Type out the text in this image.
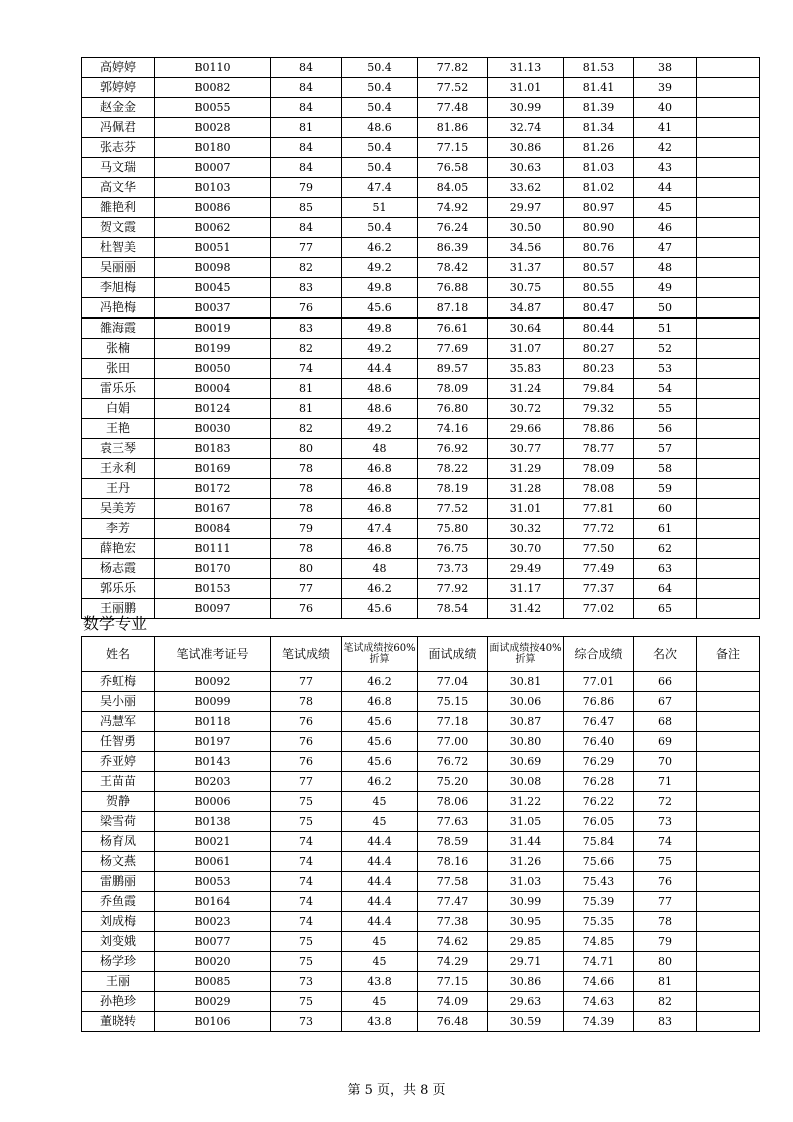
高婷婷	B0110	84	50.4	77.82	31.13	81.53	38	
郭婷婷	B0082	84	50.4	77.52	31.01	81.41	39	
赵金金	B0055	84	50.4	77.48	30.99	81.39	40	
冯佩君	B0028	81	48.6	81.86	32.74	81.34	41	
张志芬	B0180	84	50.4	77.15	30.86	81.26	42	
马文瑞	B0007	84	50.4	76.58	30.63	81.03	43	
高文华	B0103	79	47.4	84.05	33.62	81.02	44	
雒艳利	B0086	85	51	74.92	29.97	80.97	45	
贺文霞	B0062	84	50.4	76.24	30.50	80.90	46	
杜智美	B0051	77	46.2	86.39	34.56	80.76	47	
吴丽丽	B0098	82	49.2	78.42	31.37	80.57	48	
李旭梅	B0045	83	49.8	76.88	30.75	80.55	49	
冯艳梅	B0037	76	45.6	87.18	34.87	80.47	50	
雒海霞	B0019	83	49.8	76.61	30.64	80.44	51	
张楠	B0199	82	49.2	77.69	31.07	80.27	52	
张田	B0050	74	44.4	89.57	35.83	80.23	53	
雷乐乐	B0004	81	48.6	78.09	31.24	79.84	54	
白娟	B0124	81	48.6	76.80	30.72	79.32	55	
王艳	B0030	82	49.2	74.16	29.66	78.86	56	
袁三琴	B0183	80	48	76.92	30.77	78.77	57	
王永利	B0169	78	46.8	78.22	31.29	78.09	58	
王丹	B0172	78	46.8	78.19	31.28	78.08	59	
吴美芳	B0167	78	46.8	77.52	31.01	77.81	60	
李芳	B0084	79	47.4	75.80	30.32	77.72	61	
薛艳宏	B0111	78	46.8	76.75	30.70	77.50	62	
杨志霞	B0170	80	48	73.73	29.49	77.49	63	
郭乐乐	B0153	77	46.2	77.92	31.17	77.37	64	
王丽鹏	B0097	76	45.6	78.54	31.42	77.02	65	
数学专业
姓名	笔试准考证号	笔试成绩	笔试成绩按60%折算	面试成绩	面试成绩按40%折算	综合成绩	名次	备注
乔虹梅	B0092	77	46.2	77.04	30.81	77.01	66	
吴小丽	B0099	78	46.8	75.15	30.06	76.86	67	
冯慧军	B0118	76	45.6	77.18	30.87	76.47	68	
任智勇	B0197	76	45.6	77.00	30.80	76.40	69	
乔亚婷	B0143	76	45.6	76.72	30.69	76.29	70	
王苗苗	B0203	77	46.2	75.20	30.08	76.28	71	
贺静	B0006	75	45	78.06	31.22	76.22	72	
梁雪荷	B0138	75	45	77.63	31.05	76.05	73	
杨育凤	B0021	74	44.4	78.59	31.44	75.84	74	
杨文燕	B0061	74	44.4	78.16	31.26	75.66	75	
雷鹏丽	B0053	74	44.4	77.58	31.03	75.43	76	
乔鱼霞	B0164	74	44.4	77.47	30.99	75.39	77	
刘成梅	B0023	74	44.4	77.38	30.95	75.35	78	
刘变娥	B0077	75	45	74.62	29.85	74.85	79	
杨学珍	B0020	75	45	74.29	29.71	74.71	80	
王丽	B0085	73	43.8	77.15	30.86	74.66	81	
孙艳珍	B0029	75	45	74.09	29.63	74.63	82	
董晓转	B0106	73	43.8	76.48	30.59	74.39	83	
第 5 页，共 8 页
